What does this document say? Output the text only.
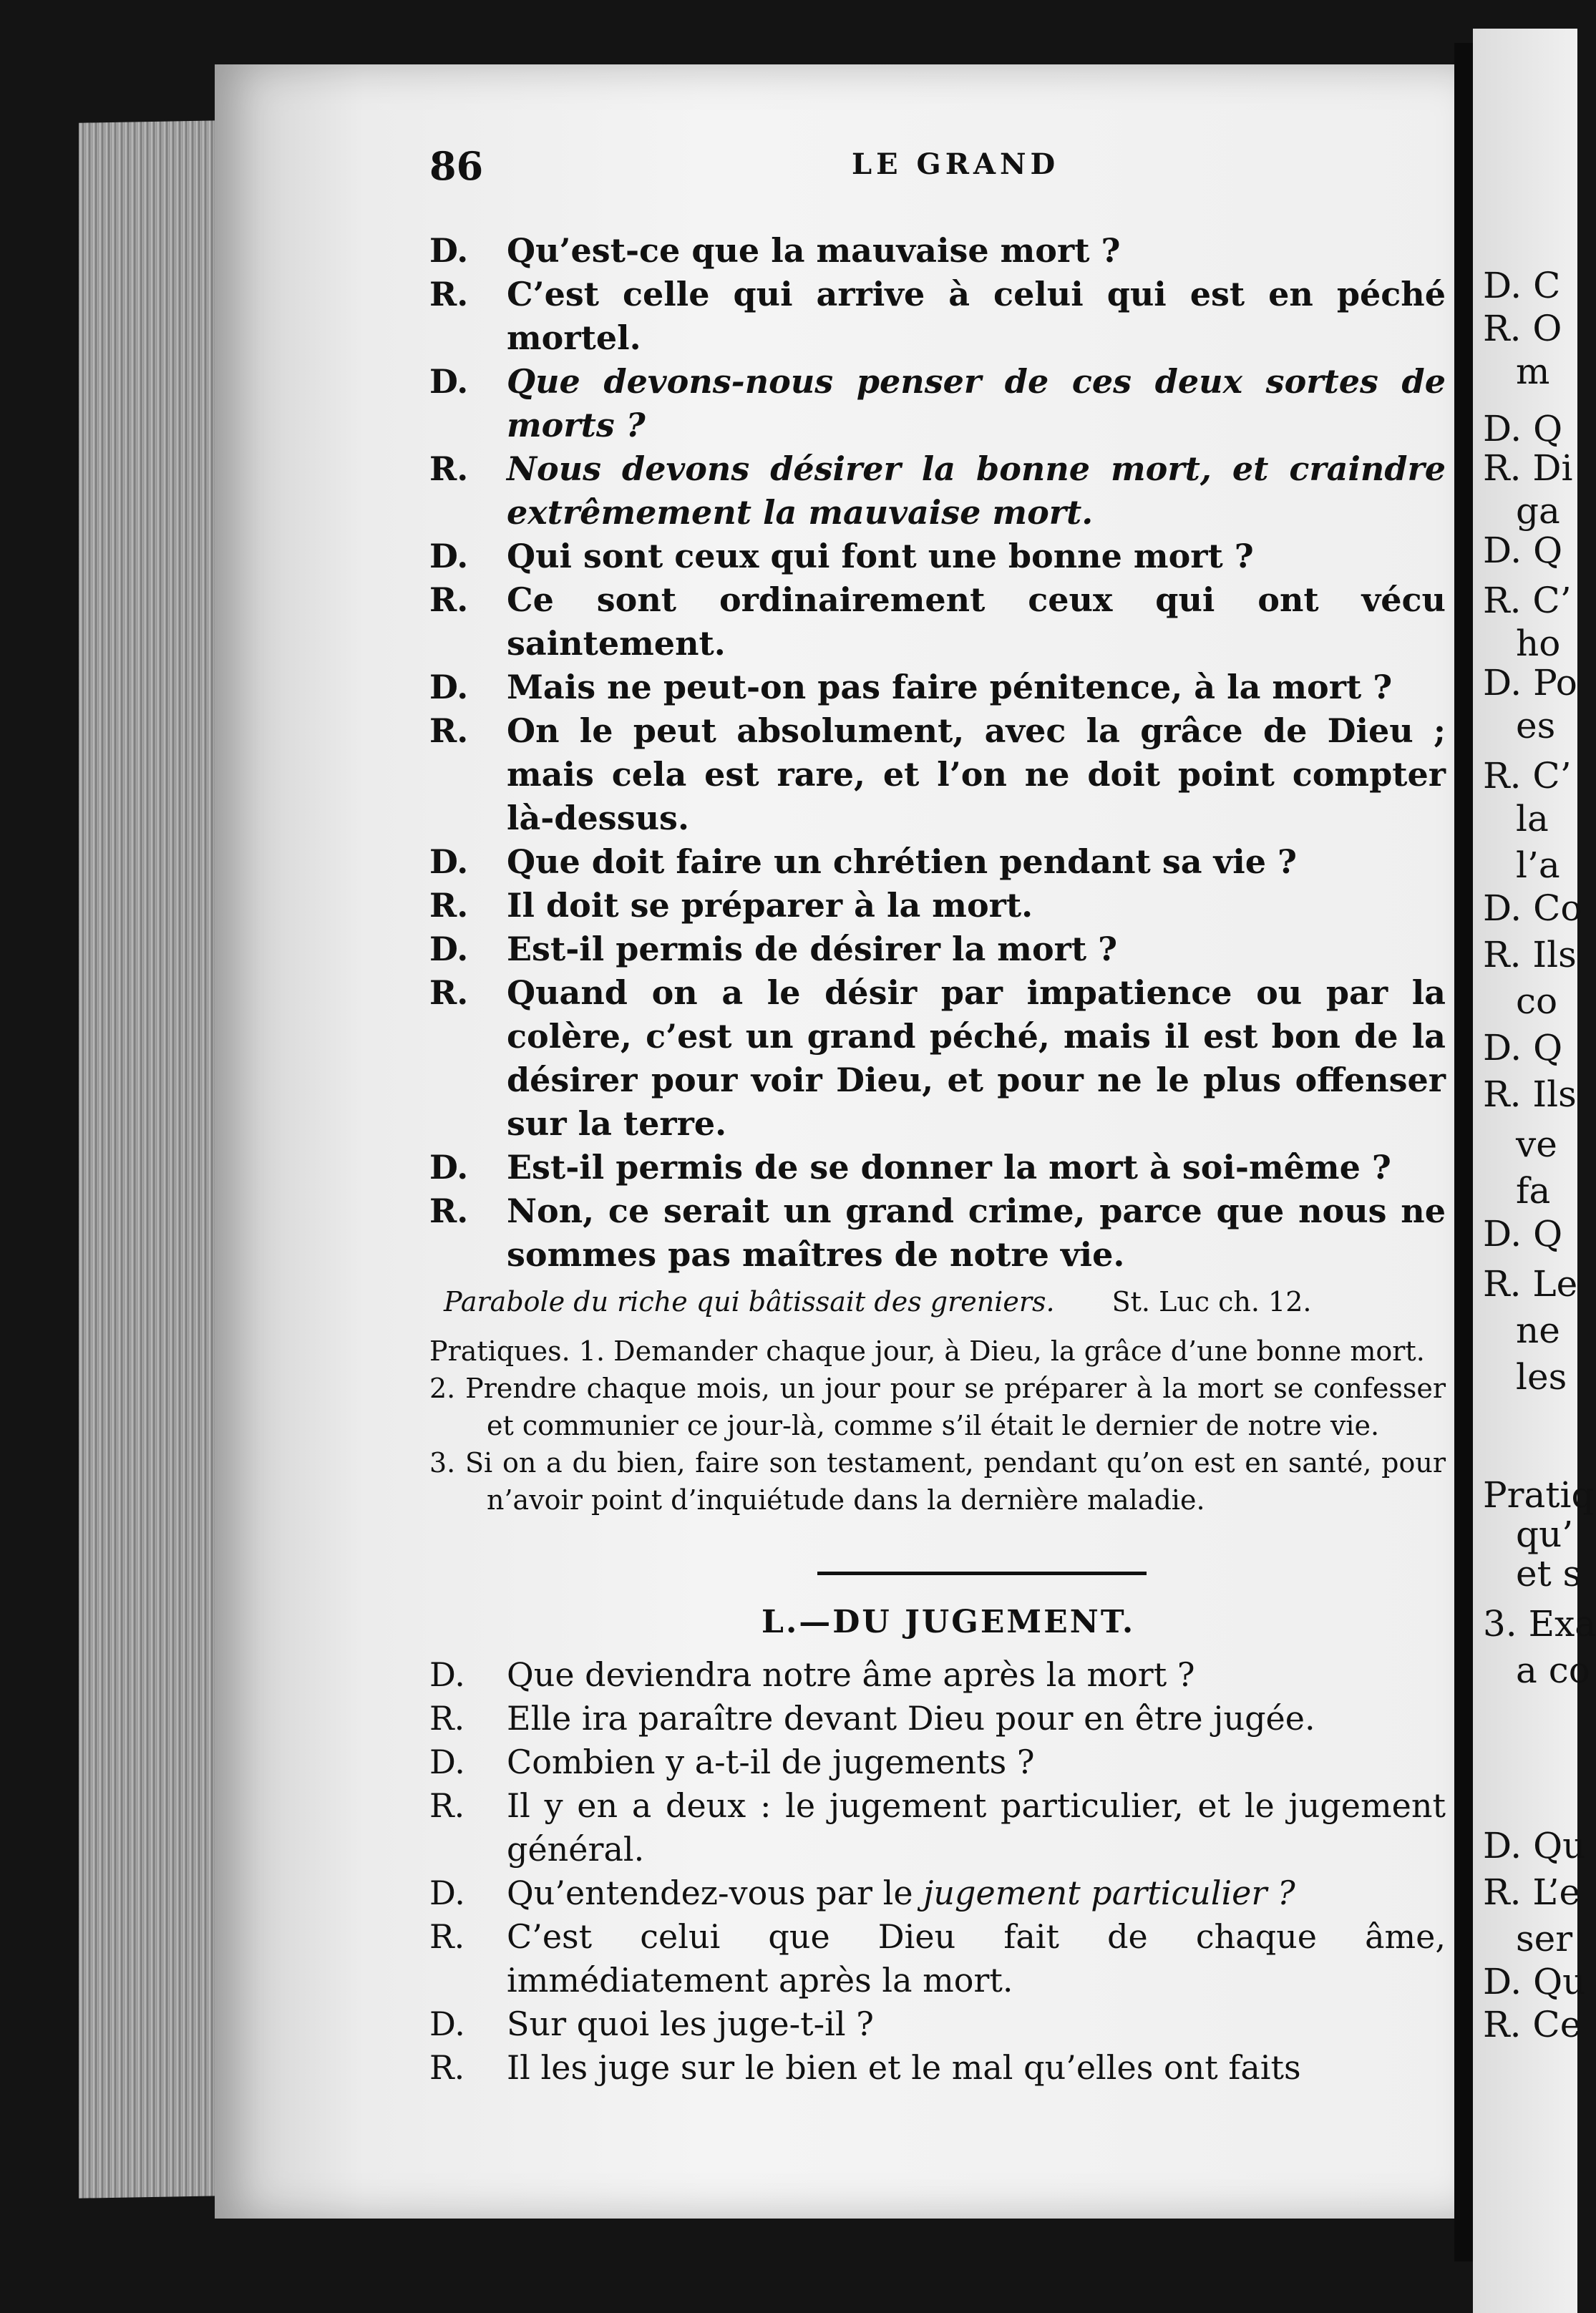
D. C
R. O
m
D. Q
R. Di
ga
D. Q
R. C’
ho
D. Po
es
R. C’
la
l’a
D. Co
R. Ils
co
D. Q
R. Ils
ve
fa
D. Q
R. Le
ne
les
Pratiq
qu’
et s
3. Exa
a co
D. Qu
R. L’e
ser
D. Qu
R. Ce
86	LE GRAND
D.	Qu’est-ce que la mauvaise mort ?
R.	C’est celle qui arrive à celui qui est en péché mortel.
D.	Que devons-nous penser de ces deux sortes de morts ?
R.	Nous devons désirer la bonne mort, et craindre extrêmement la mauvaise mort.
D.	Qui sont ceux qui font une bonne mort ?
R.	Ce sont ordinairement ceux qui ont vécu saintement.
D.	Mais ne peut-on pas faire pénitence, à la mort ?
R.	On le peut absolument, avec la grâce de Dieu ; mais cela est rare, et l’on ne doit point compter là-dessus.
D.	Que doit faire un chrétien pendant sa vie ?
R.	Il doit se préparer à la mort.
D.	Est-il permis de désirer la mort ?
R.	Quand on a le désir par impatience ou par la colère, c’est un grand péché, mais il est bon de la désirer pour voir Dieu, et pour ne le plus offenser sur la terre.
D.	Est-il permis de se donner la mort à soi-même ?
R.	Non, ce serait un grand crime, parce que nous ne sommes pas maîtres de notre vie.
Parabole du riche qui bâtissait des greniers. St. Luc ch. 12.
Pratiques. 1. Demander chaque jour, à Dieu, la grâce d’une bonne mort.
2. Prendre chaque mois, un jour pour se préparer à la mort se confesser et communier ce jour-là, comme s’il était le dernier de notre vie.
3. Si on a du bien, faire son testament, pendant qu’on est en santé, pour n’avoir point d’inquiétude dans la dernière maladie.
L.—DU JUGEMENT.
D.	Que deviendra notre âme après la mort ?
R.	Elle ira paraître devant Dieu pour en être jugée.
D.	Combien y a-t-il de jugements ?
R.	Il y en a deux : le jugement particulier, et le jugement général.
D.	Qu’entendez-vous par le jugement particulier ?
R.	C’est celui que Dieu fait de chaque âme, immédiatement après la mort.
D.	Sur quoi les juge-t-il ?
R.	Il les juge sur le bien et le mal qu’elles ont faits
